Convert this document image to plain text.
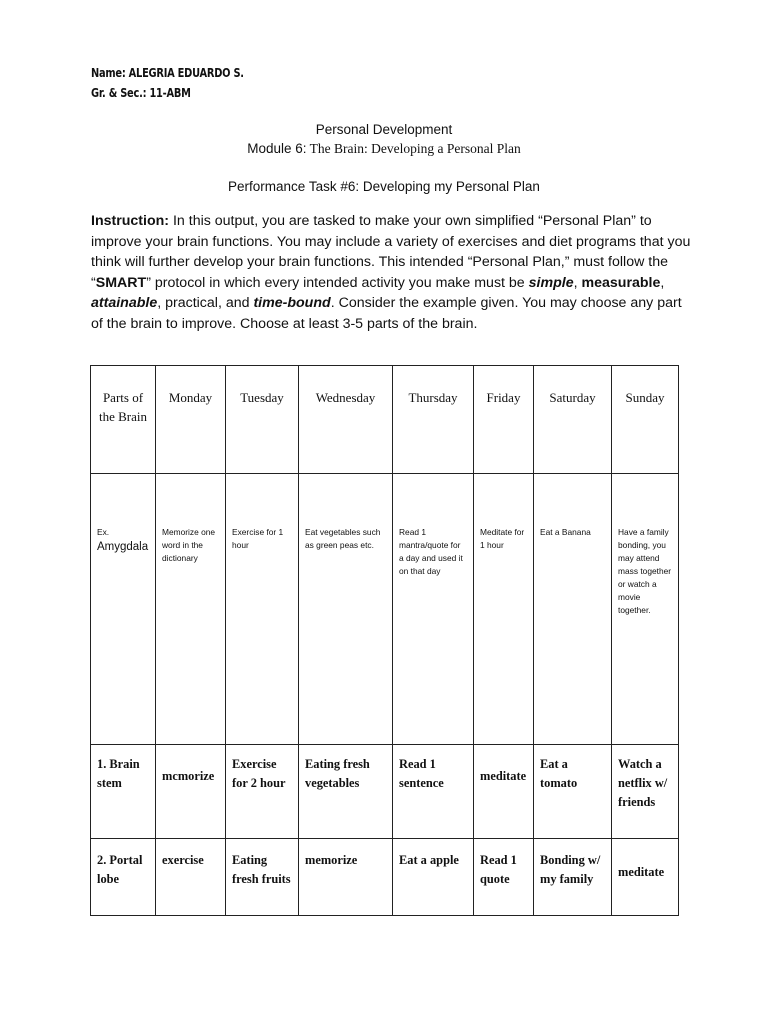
Name: ALEGRIA EDUARDO S.

Gr. & Sec.: 11-ABM

Personal Development

Module 6: The Brain: Developing a Personal Plan

Performance Task #6: Developing my Personal Plan

Instruction: In this output, you are tasked to make your own simplified “Personal Plan” to improve your brain functions. You may include a variety of exercises and diet programs that you think will further develop your brain functions. This intended “Personal Plan,” must follow the “SMART” protocol in which every intended activity you make must be simple, measurable, attainable, practical, and time-bound. Consider the example given. You may choose any part of the brain to improve. Choose at least 3-5 parts of the brain.

Parts of the Brain	Monday	Tuesday	Wednesday	Thursday	Friday	Saturday	Sunday

Ex.
Amygdala	Memorize one word in the dictionary	Exercise for 1 hour	Eat vegetables such as green peas etc.	Read 1 mantra/quote for a day and used it on that day	Meditate for 1 hour	Eat a Banana	Have a family bonding, you may attend mass together or watch a movie together.
1. Brain stem	mcmorize	Exercise for 2 hour	Eating fresh vegetables	Read 1 sentence	meditate	Eat a tomato	Watch a netflix w/ friends
2. Portal lobe	exercise	Eating fresh fruits	memorize	Eat a apple	Read 1 quote	Bonding w/ my family	meditate
